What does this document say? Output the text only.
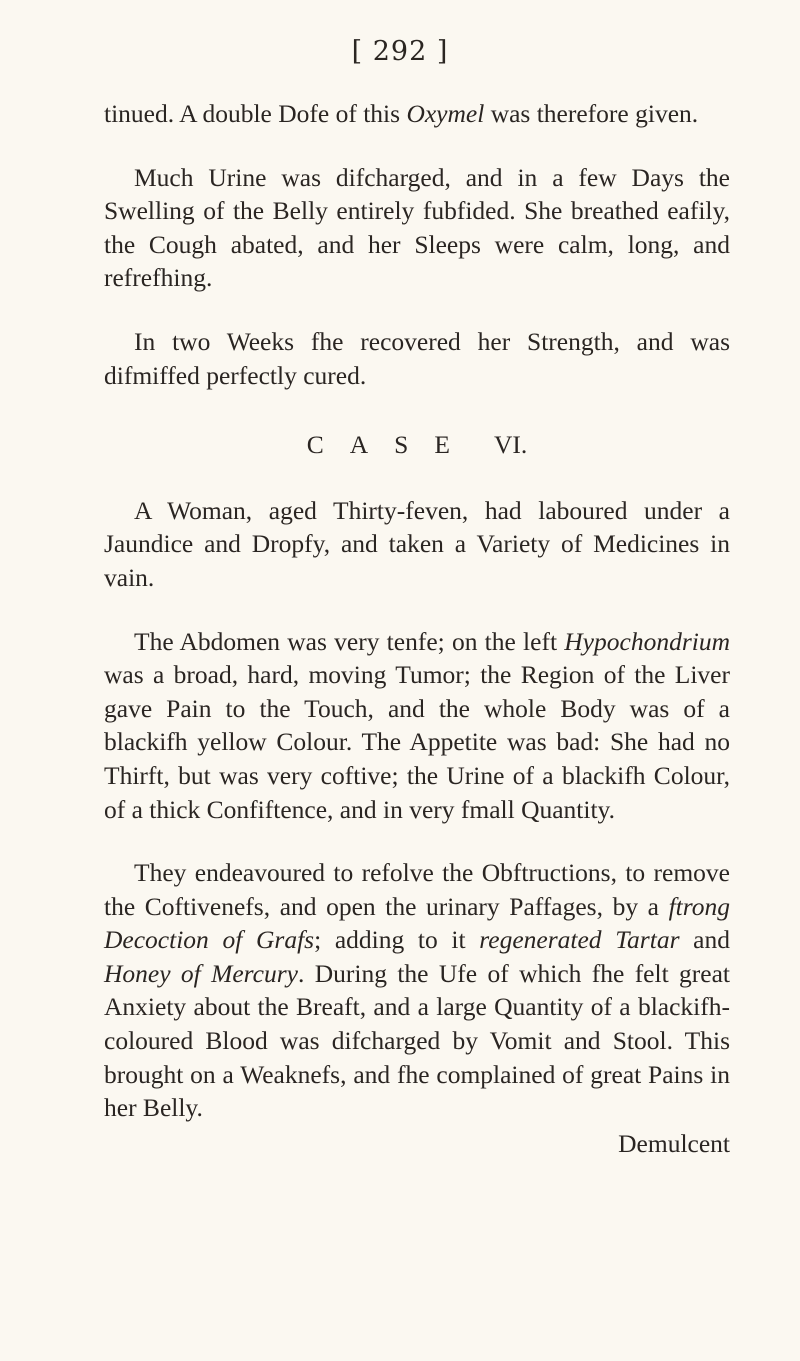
[ 292 ]

tinued. A double Dofe of this Oxymel was therefore given.

Much Urine was difcharged, and in a few Days the Swelling of the Belly entirely fubfided. She breathed eafily, the Cough abated, and her Sleeps were calm, long, and refrefhing.

In two Weeks fhe recovered her Strength, and was difmiffed perfectly cured.

CASE VI.

A Woman, aged Thirty-feven, had laboured under a Jaundice and Dropfy, and taken a Variety of Medicines in vain.

The Abdomen was very tenfe; on the left Hypochondrium was a broad, hard, moving Tumor; the Region of the Liver gave Pain to the Touch, and the whole Body was of a blackifh yellow Colour. The Appetite was bad: She had no Thirft, but was very coftive; the Urine of a blackifh Colour, of a thick Confiftence, and in very fmall Quantity.

They endeavoured to refolve the Obftructions, to remove the Coftivenefs, and open the urinary Paffages, by a ftrong Decoction of Grafs; adding to it regenerated Tartar and Honey of Mercury. During the Ufe of which fhe felt great Anxiety about the Breaft, and a large Quantity of a blackifh-coloured Blood was difcharged by Vomit and Stool. This brought on a Weaknefs, and fhe complained of great Pains in her Belly.

Demulcent
